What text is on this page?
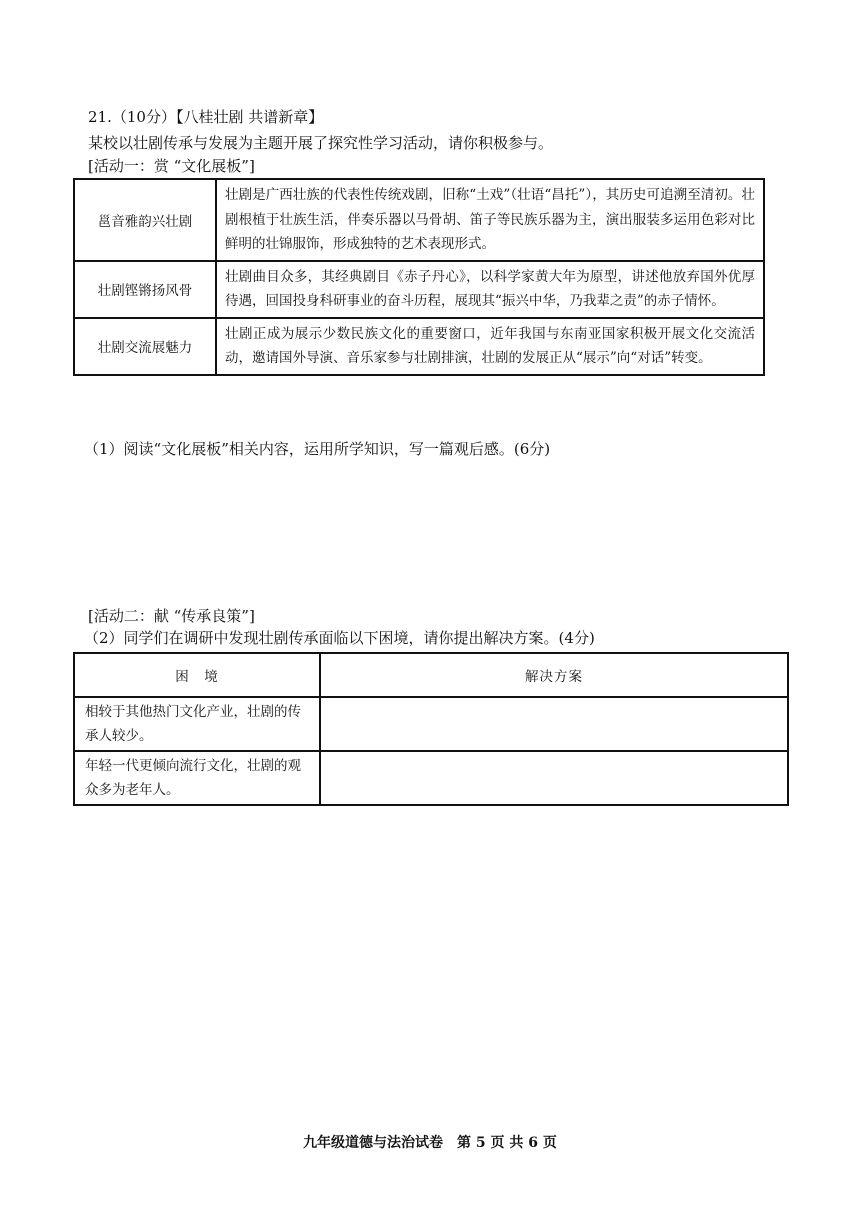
21.（10分）【八桂壮剧 共谱新章】
某校以壮剧传承与发展为主题开展了探究性学习活动，请你积极参与。
[活动一：赏 “文化展板”]
邕音雅韵兴壮剧	壮剧是广西壮族的代表性传统戏剧，旧称“土戏”（壮语“昌托”），其历史可追溯至清初。壮剧根植于壮族生活，伴奏乐器以马骨胡、笛子等民族乐器为主，演出服装多运用色彩对比鲜明的壮锦服饰，形成独特的艺术表现形式。
壮剧铿锵扬风骨	壮剧曲目众多，其经典剧目《赤子丹心》，以科学家黄大年为原型，讲述他放弃国外优厚待遇，回国投身科研事业的奋斗历程，展现其“振兴中华，乃我辈之责”的赤子情怀。
壮剧交流展魅力	壮剧正成为展示少数民族文化的重要窗口，近年我国与东南亚国家积极开展文化交流活动，邀请国外导演、音乐家参与壮剧排演，壮剧的发展正从“展示”向“对话”转变。
（1）阅读“文化展板”相关内容，运用所学知识，写一篇观后感。(6分)
[活动二：献 “传承良策”]
（2）同学们在调研中发现壮剧传承面临以下困境，请你提出解决方案。(4分)
困　境	解决方案
相较于其他热门文化产业，壮剧的传承人较少。	
年轻一代更倾向流行文化，壮剧的观众多为老年人。	
九年级道德与法治试卷　第 5 页 共 6 页
